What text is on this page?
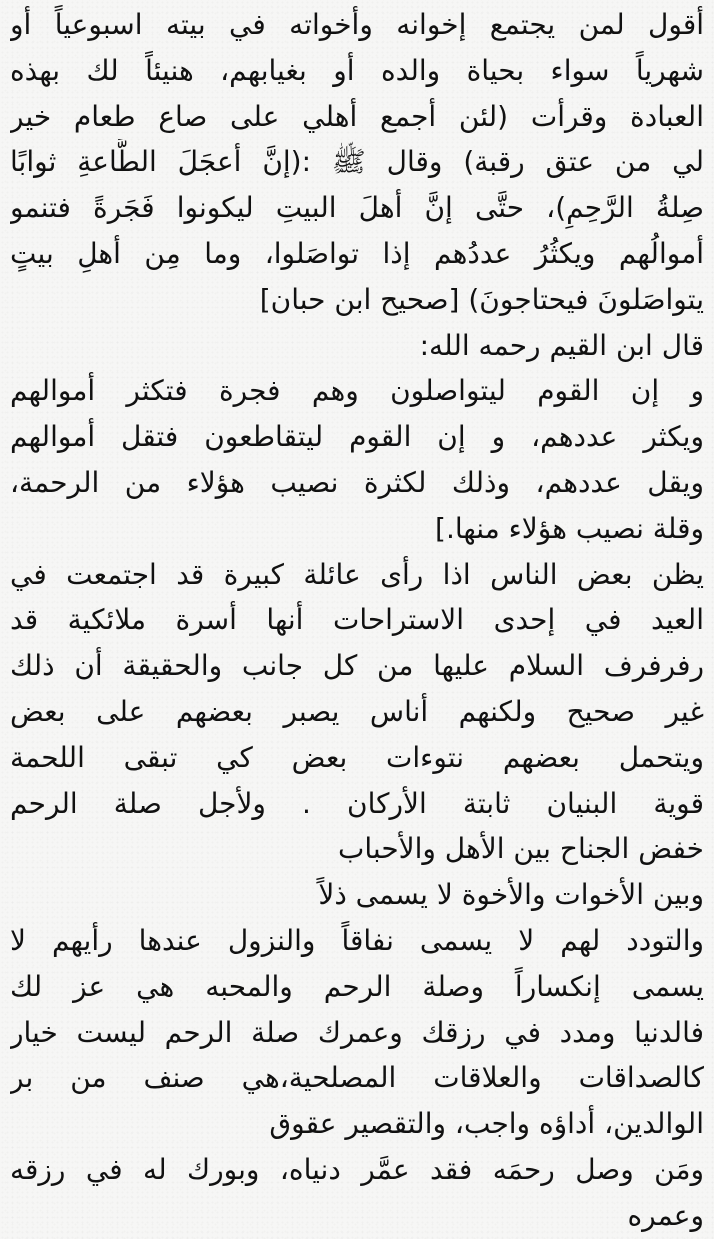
أقول لمن يجتمع إخوانه وأخواته في بيته اسبوعياً أو
شهرياً سواء بحياة والده أو بغيابهم، هنيئاً لك بهذه
العبادة وقرأت (لئن أجمع أهلي على صاع طعام خير
لي من عتق رقبة) وقال ﷺ :(إنَّ أعجَلَ الطَّاعةِ ثوابًا
صِلةُ الرَّحِمِ)، حتَّى إنَّ أهلَ البيتِ ليكونوا فَجَرةً فتنمو
أموالُهم ويكثُرُ عددُهم إذا تواصَلوا، وما مِن أهلِ بيتٍ
يتواصَلونَ فيحتاجونَ) [صحيح ابن حبان]
قال ابن القيم رحمه الله:
و إن القوم ليتواصلون وهم فجرة فتكثر أموالهم
ويكثر عددهم، و إن القوم ليتقاطعون فتقل أموالهم
ويقل عددهم، وذلك لكثرة نصيب هؤلاء من الرحمة،
وقلة نصيب هؤلاء منها.]
يظن بعض الناس اذا رأى عائلة كبيرة قد اجتمعت في
العيد في إحدى الاستراحات أنها أسرة ملائكية قد
رفرفرف السلام عليها من كل جانب والحقيقة أن ذلك
غير صحيح ولكنهم أناس يصبر بعضهم على بعض
ويتحمل بعضهم نتوءات بعض كي تبقى اللحمة
قوية البنيان ثابتة الأركان . ولأجل صلة الرحم
خفض الجناح بين الأهل والأحباب
وبين الأخوات والأخوة لا يسمى ذلاً
والتودد لهم لا يسمى نفاقاً والنزول عندها رأيهم لا
يسمى إنكساراً وصلة الرحم والمحبه هي عز لك
فالدنيا ومدد في رزقك وعمرك صلة الرحم ليست خيار
كالصداقات والعلاقات المصلحية،هي صنف من بر
الوالدين، أداؤه واجب، والتقصير عقوق
ومَن وصل رحمَه فقد عمَّر دنياه، وبورك له في رزقه
وعمره
